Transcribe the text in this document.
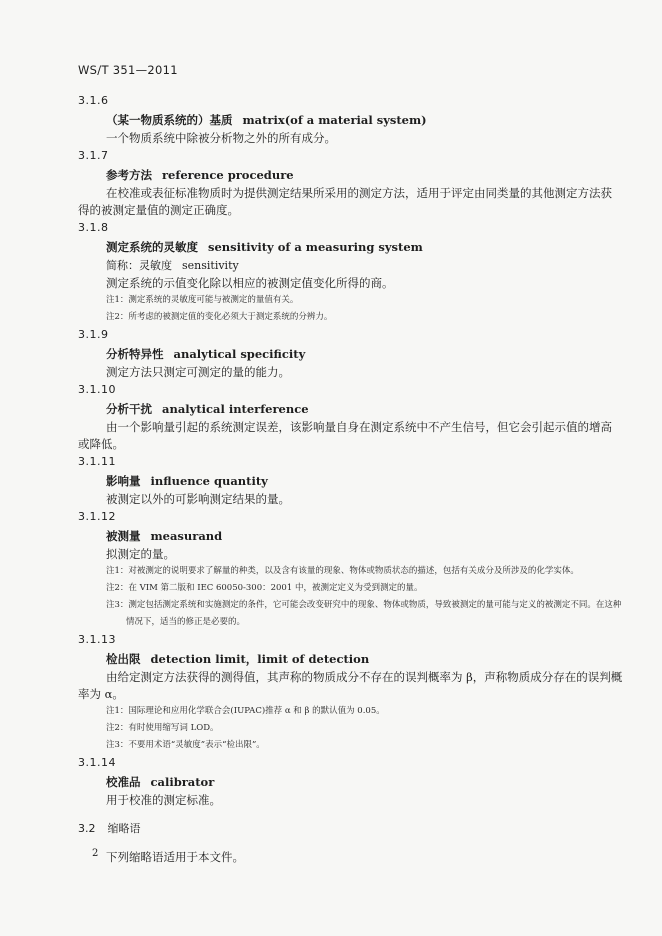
WS/T 351—2011
3.1.6
（某一物质系统的）基质 matrix(of a material system)
一个物质系统中除被分析物之外的所有成分。
3.1.7
参考方法 reference procedure
在校准或表征标准物质时为提供测定结果所采用的测定方法，适用于评定由同类量的其他测定方法获得的被测定量值的测定正确度。
3.1.8
测定系统的灵敏度 sensitivity of a measuring system
简称：灵敏度 sensitivity
测定系统的示值变化除以相应的被测定值变化所得的商。
注1：测定系统的灵敏度可能与被测定的量值有关。
注2：所考虑的被测定值的变化必须大于测定系统的分辨力。
3.1.9
分析特异性 analytical specificity
测定方法只测定可测定的量的能力。
3.1.10
分析干扰 analytical interference
由一个影响量引起的系统测定误差，该影响量自身在测定系统中不产生信号，但它会引起示值的增高或降低。
3.1.11
影响量 influence quantity
被测定以外的可影响测定结果的量。
3.1.12
被测量 measurand
拟测定的量。
注1：对被测定的说明要求了解量的种类，以及含有该量的现象、物体或物质状态的描述，包括有关成分及所涉及的化学实体。
注2：在 VIM 第二版和 IEC 60050-300：2001 中，被测定定义为受到测定的量。
注3：测定包括测定系统和实施测定的条件，它可能会改变研究中的现象、物体或物质，导致被测定的量可能与定义的被测定不同。在这种情况下，适当的修正是必要的。
3.1.13
检出限 detection limit，limit of detection
由给定测定方法获得的测得值，其声称的物质成分不存在的误判概率为 β，声称物质成分存在的误判概率为 α。
注1：国际理论和应用化学联合会(IUPAC)推荐 α 和 β 的默认值为 0.05。
注2：有时使用缩写词 LOD。
注3：不要用术语“灵敏度”表示“检出限”。
3.1.14
校准品 calibrator
用于校准的测定标准。
3.2 缩略语
下列缩略语适用于本文件。
2
